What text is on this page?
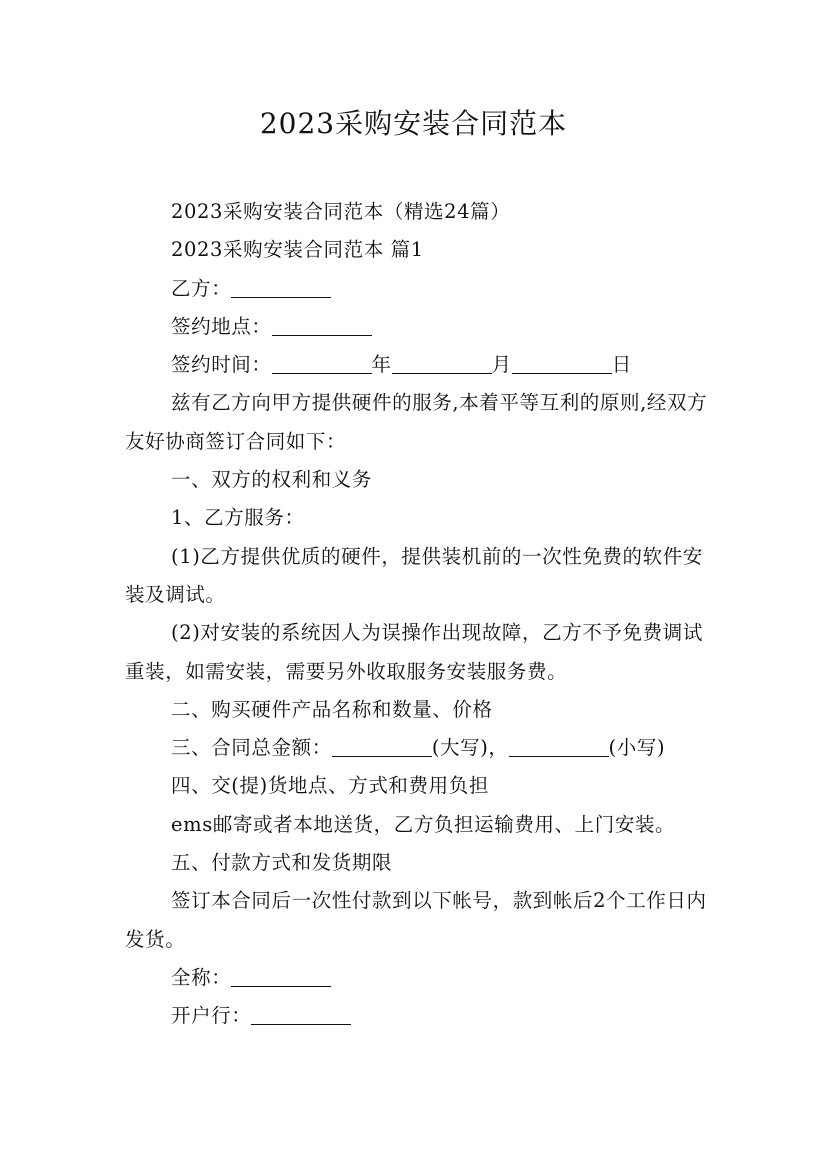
2023采购安装合同范本

2023采购安装合同范本（精选24篇）

2023采购安装合同范本 篇1

乙方：

签约地点：

签约时间：	年	月	日

兹有乙方向甲方提供硬件的服务,本着平等互利的原则,经双方友好协商签订合同如下：

一、双方的权利和义务

1、乙方服务：

(1)乙方提供优质的硬件，提供装机前的一次性免费的软件安装及调试。

(2)对安装的系统因人为误操作出现故障，乙方不予免费调试重装，如需安装，需要另外收取服务安装服务费。

二、购买硬件产品名称和数量、价格

三、合同总金额：	(大写)，	(小写)

四、交(提)货地点、方式和费用负担

ems邮寄或者本地送货，乙方负担运输费用、上门安装。

五、付款方式和发货期限

签订本合同后一次性付款到以下帐号，款到帐后2个工作日内发货。

全称：

开户行：
